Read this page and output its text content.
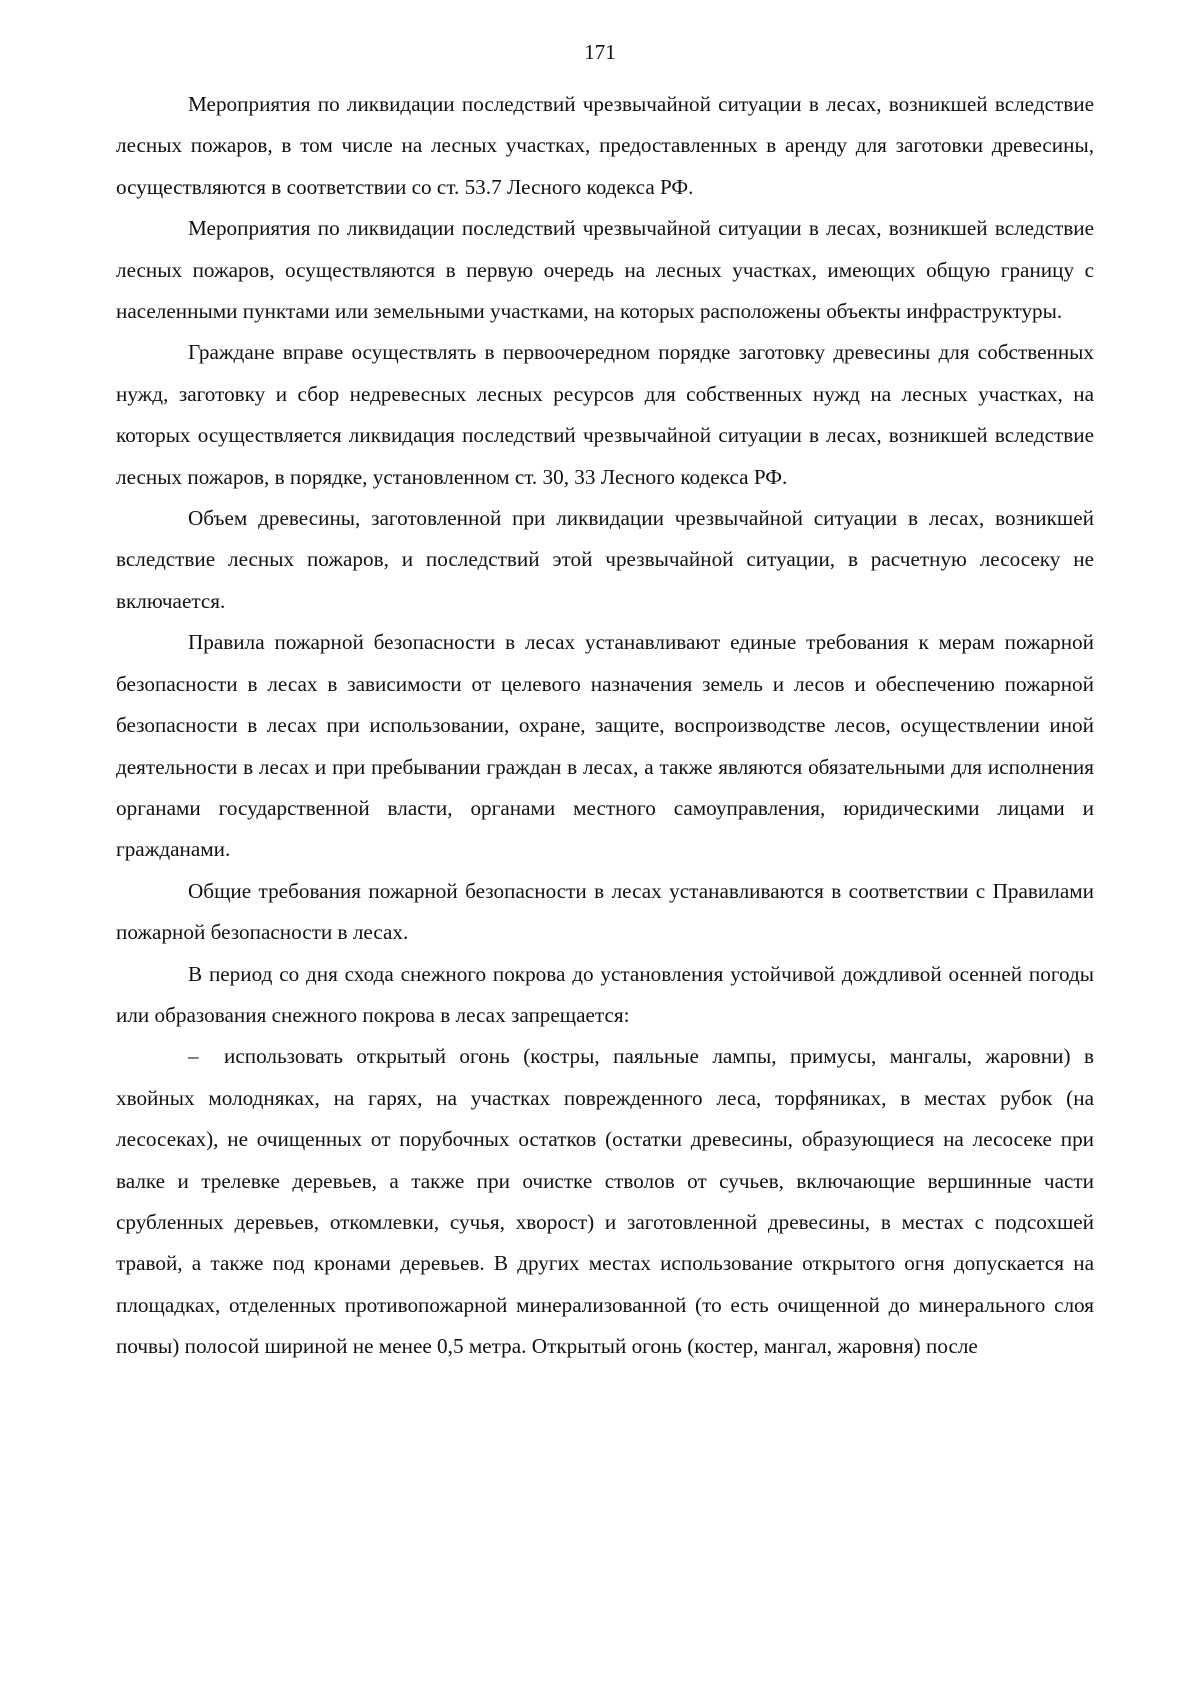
171

Мероприятия по ликвидации последствий чрезвычайной ситуации в лесах, возникшей вследствие лесных пожаров, в том числе на лесных участках, предоставленных в аренду для заготовки древесины, осуществляются в соответствии со ст. 53.7 Лесного кодекса РФ.

Мероприятия по ликвидации последствий чрезвычайной ситуации в лесах, возникшей вследствие лесных пожаров, осуществляются в первую очередь на лесных участках, имеющих общую границу с населенными пунктами или земельными участками, на которых расположены объекты инфраструктуры.

Граждане вправе осуществлять в первоочередном порядке заготовку древесины для собственных нужд, заготовку и сбор недревесных лесных ресурсов для собственных нужд на лесных участках, на которых осуществляется ликвидация последствий чрезвычайной ситуации в лесах, возникшей вследствие лесных пожаров, в порядке, установленном ст. 30, 33 Лесного кодекса РФ.

Объем древесины, заготовленной при ликвидации чрезвычайной ситуации в лесах, возникшей вследствие лесных пожаров, и последствий этой чрезвычайной ситуации, в расчетную лесосеку не включается.

Правила пожарной безопасности в лесах устанавливают единые требования к мерам пожарной безопасности в лесах в зависимости от целевого назначения земель и лесов и обеспечению пожарной безопасности в лесах при использовании, охране, защите, воспроизводстве лесов, осуществлении иной деятельности в лесах и при пребывании граждан в лесах, а также являются обязательными для исполнения органами государственной власти, органами местного самоуправления, юридическими лицами и гражданами.

Общие требования пожарной безопасности в лесах устанавливаются в соответствии с Правилами пожарной безопасности в лесах.

В период со дня схода снежного покрова до установления устойчивой дождливой осенней погоды или образования снежного покрова в лесах запрещается:

– использовать открытый огонь (костры, паяльные лампы, примусы, мангалы, жаровни) в хвойных молодняках, на гарях, на участках поврежденного леса, торфяниках, в местах рубок (на лесосеках), не очищенных от порубочных остатков (остатки древесины, образующиеся на лесосеке при валке и трелевке деревьев, а также при очистке стволов от сучьев, включающие вершинные части срубленных деревьев, откомлевки, сучья, хворост) и заготовленной древесины, в местах с подсохшей травой, а также под кронами деревьев. В других местах использование открытого огня допускается на площадках, отделенных противопожарной минерализованной (то есть очищенной до минерального слоя почвы) полосой шириной не менее 0,5 метра. Открытый огонь (костер, мангал, жаровня) после
